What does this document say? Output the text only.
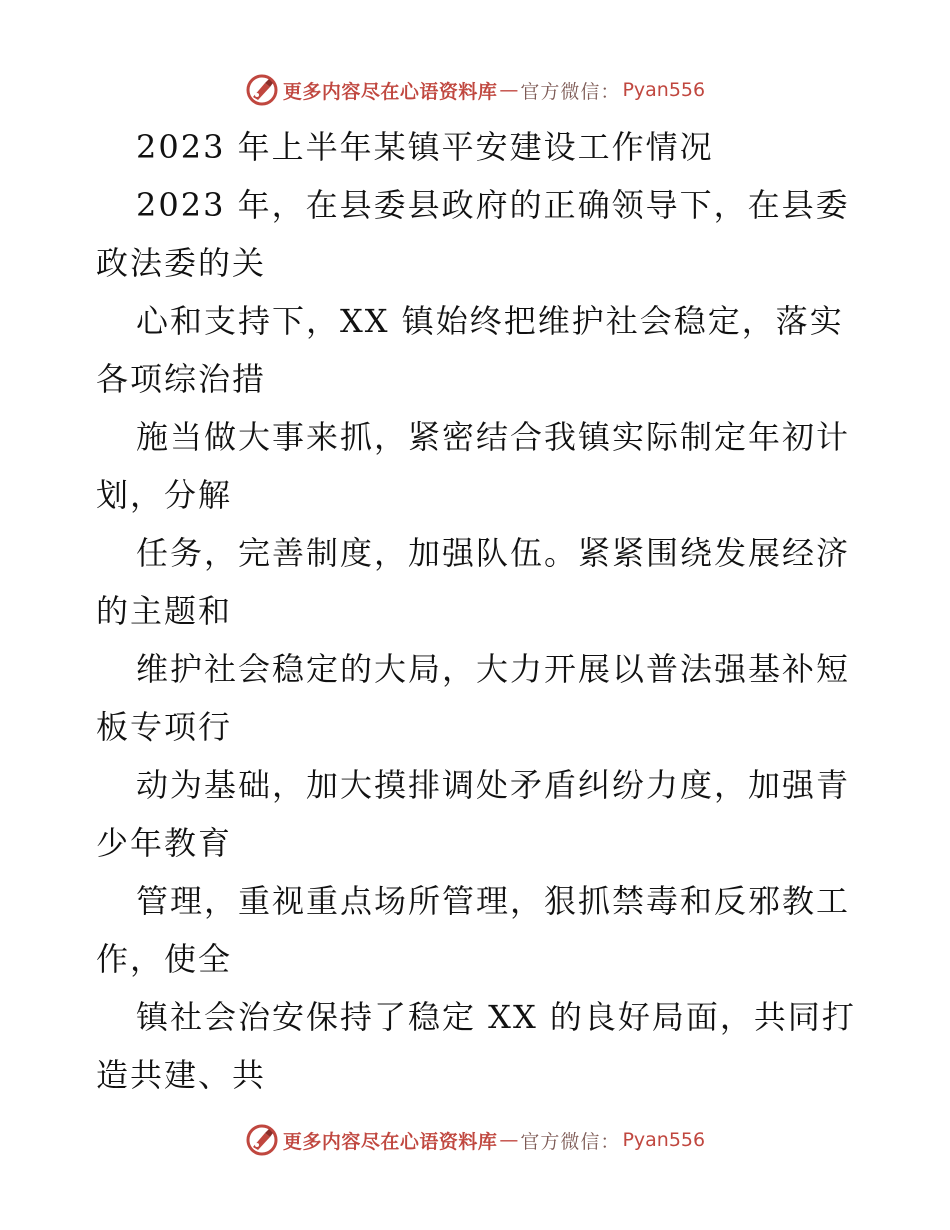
更多内容尽在心语资料库 — 官方微信： Pyan556
2023 年上半年某镇平安建设工作情况
2023 年，在县委县政府的正确领导下，在县委
政法委的关
心和支持下，XX 镇始终把维护社会稳定，落实
各项综治措
施当做大事来抓，紧密结合我镇实际制定年初计
划，分解
任务，完善制度，加强队伍。紧紧围绕发展经济
的主题和
维护社会稳定的大局，大力开展以普法强基补短
板专项行
动为基础，加大摸排调处矛盾纠纷力度，加强青
少年教育
管理，重视重点场所管理，狠抓禁毒和反邪教工
作，使全
镇社会治安保持了稳定 XX 的良好局面，共同打
造共建、共
更多内容尽在心语资料库 — 官方微信： Pyan556
